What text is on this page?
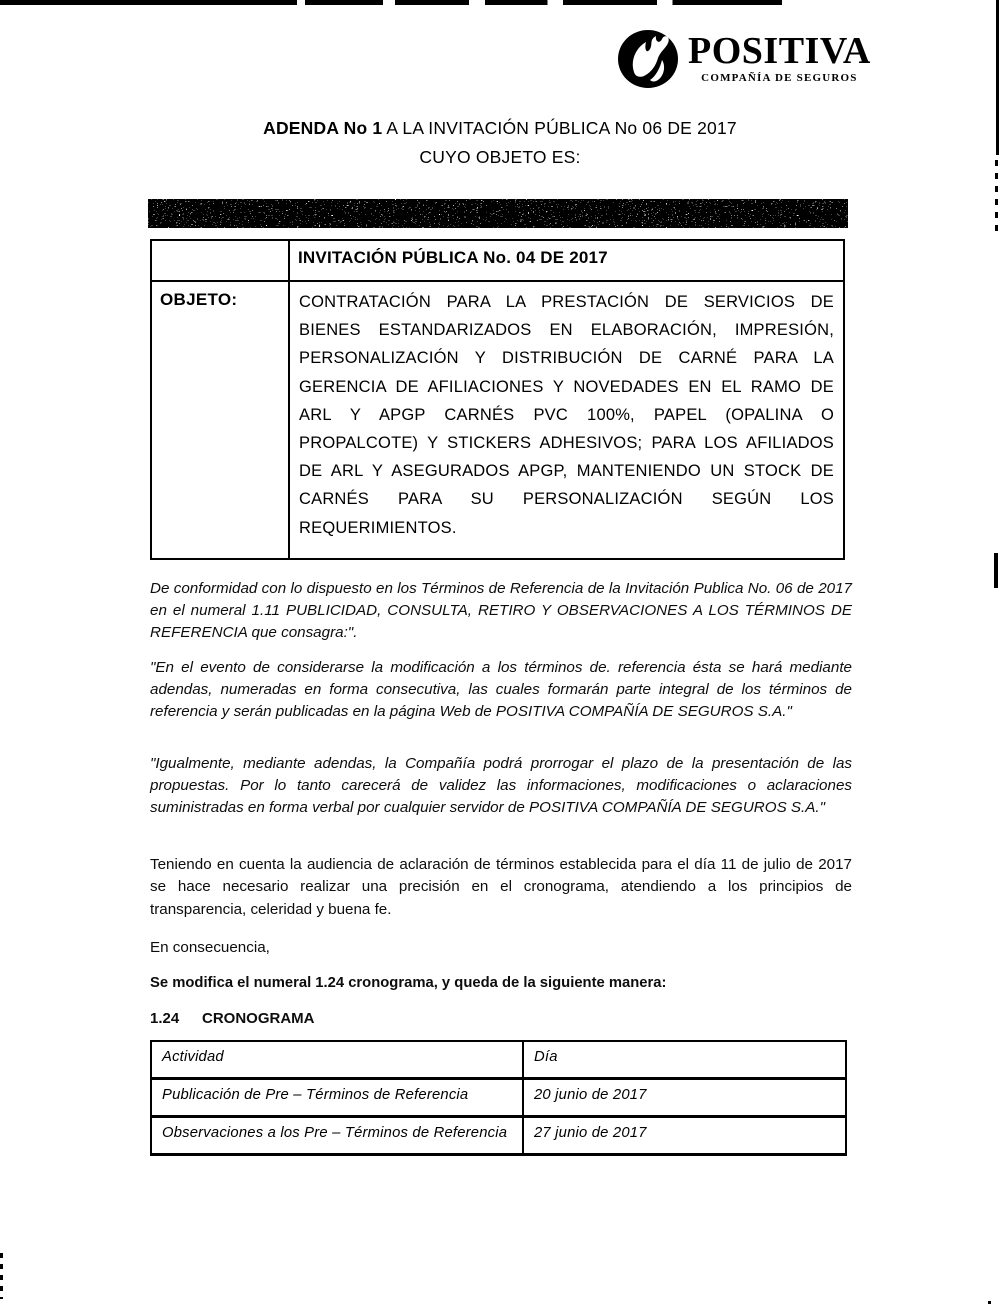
POSITIVA
COMPAÑÍA DE SEGUROS
ADENDA No 1 A LA INVITACIÓN PÚBLICA No 06 DE 2017
CUYO OBJETO ES:
	INVITACIÓN PÚBLICA No. 04 DE 2017
OBJETO:	CONTRATACIÓN PARA LA PRESTACIÓN DE SERVICIOS DE BIENES ESTANDARIZADOS EN ELABORACIÓN, IMPRESIÓN, PERSONALIZACIÓN Y DISTRIBUCIÓN DE CARNÉ PARA LA GERENCIA DE AFILIACIONES Y NOVEDADES EN EL RAMO DE ARL Y APGP CARNÉS PVC 100%, PAPEL (OPALINA O PROPALCOTE) Y STICKERS ADHESIVOS; PARA LOS AFILIADOS DE ARL Y ASEGURADOS APGP, MANTENIENDO UN STOCK DE CARNÉS PARA SU PERSONALIZACIÓN SEGÚN LOS REQUERIMIENTOS.
De conformidad con lo dispuesto en los Términos de Referencia de la Invitación Publica No. 06 de 2017 en el numeral 1.11 PUBLICIDAD, CONSULTA, RETIRO Y OBSERVACIONES A LOS TÉRMINOS DE REFERENCIA que consagra:".
"En el evento de considerarse la modificación a los términos de. referencia ésta se hará mediante adendas, numeradas en forma consecutiva, las cuales formarán parte integral de los términos de referencia y serán publicadas en la página Web de POSITIVA COMPAÑÍA DE SEGUROS S.A."
"Igualmente, mediante adendas, la Compañía podrá prorrogar el plazo de la presentación de las propuestas. Por lo tanto carecerá de validez las informaciones, modificaciones o aclaraciones suministradas en forma verbal por cualquier servidor de POSITIVA COMPAÑÍA DE SEGUROS S.A."
Teniendo en cuenta la audiencia de aclaración de términos establecida para el día 11 de julio de 2017 se hace necesario realizar una precisión en el cronograma, atendiendo a los principios de transparencia, celeridad y buena fe.
En consecuencia,
Se modifica el numeral 1.24 cronograma, y queda de la siguiente manera:
1.24 CRONOGRAMA
Actividad	Día
Publicación de Pre – Términos de Referencia	20 junio de 2017
Observaciones a los Pre – Términos de Referencia	27 junio de 2017
